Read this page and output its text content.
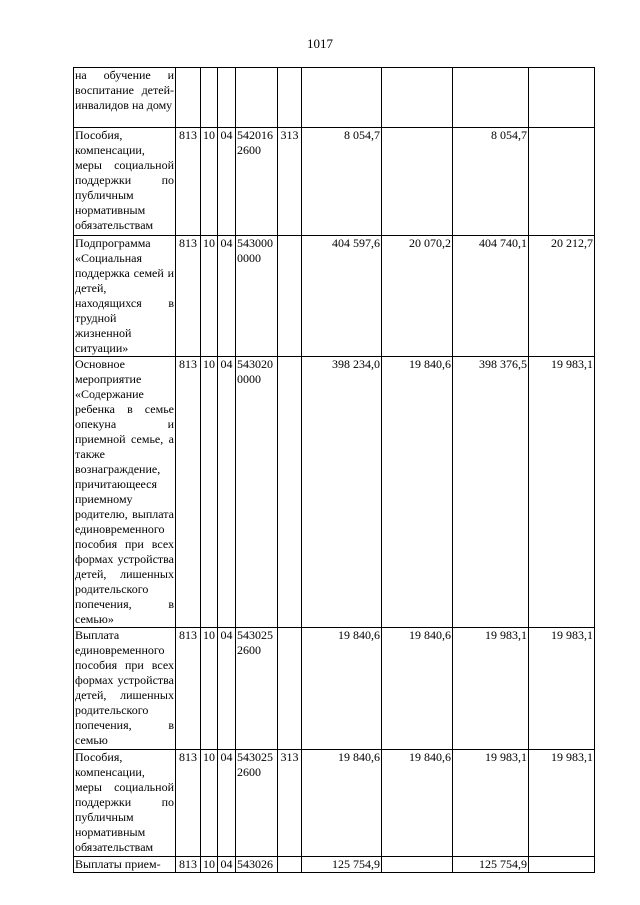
1017
на обучение и воспитание детей-инвалидов на дому									
Пособия, компенсации, меры социальной поддержки по публичным нормативным обязательствам	813	10	04	542016 2600	313	8 054,7		8 054,7	
Подпрограмма «Социальная поддержка семей и детей, находящихся в трудной жизненной ситуации»	813	10	04	543000 0000		404 597,6	20 070,2	404 740,1	20 212,7
Основное мероприятие «Содержание ребенка в семье опекуна и приемной семье, а также вознаграждение, причитающееся приемному родителю, выплата единовременного пособия при всех формах устройства детей, лишенных родительского попечения, в семью»	813	10	04	543020 0000		398 234,0	19 840,6	398 376,5	19 983,1
Выплата единовременного пособия при всех формах устройства детей, лишенных родительского попечения, в семью	813	10	04	543025 2600		19 840,6	19 840,6	19 983,1	19 983,1
Пособия, компенсации, меры социальной поддержки по публичным нормативным обязательствам	813	10	04	543025 2600	313	19 840,6	19 840,6	19 983,1	19 983,1
Выплаты прием-	813	10	04	543026		125 754,9		125 754,9	
